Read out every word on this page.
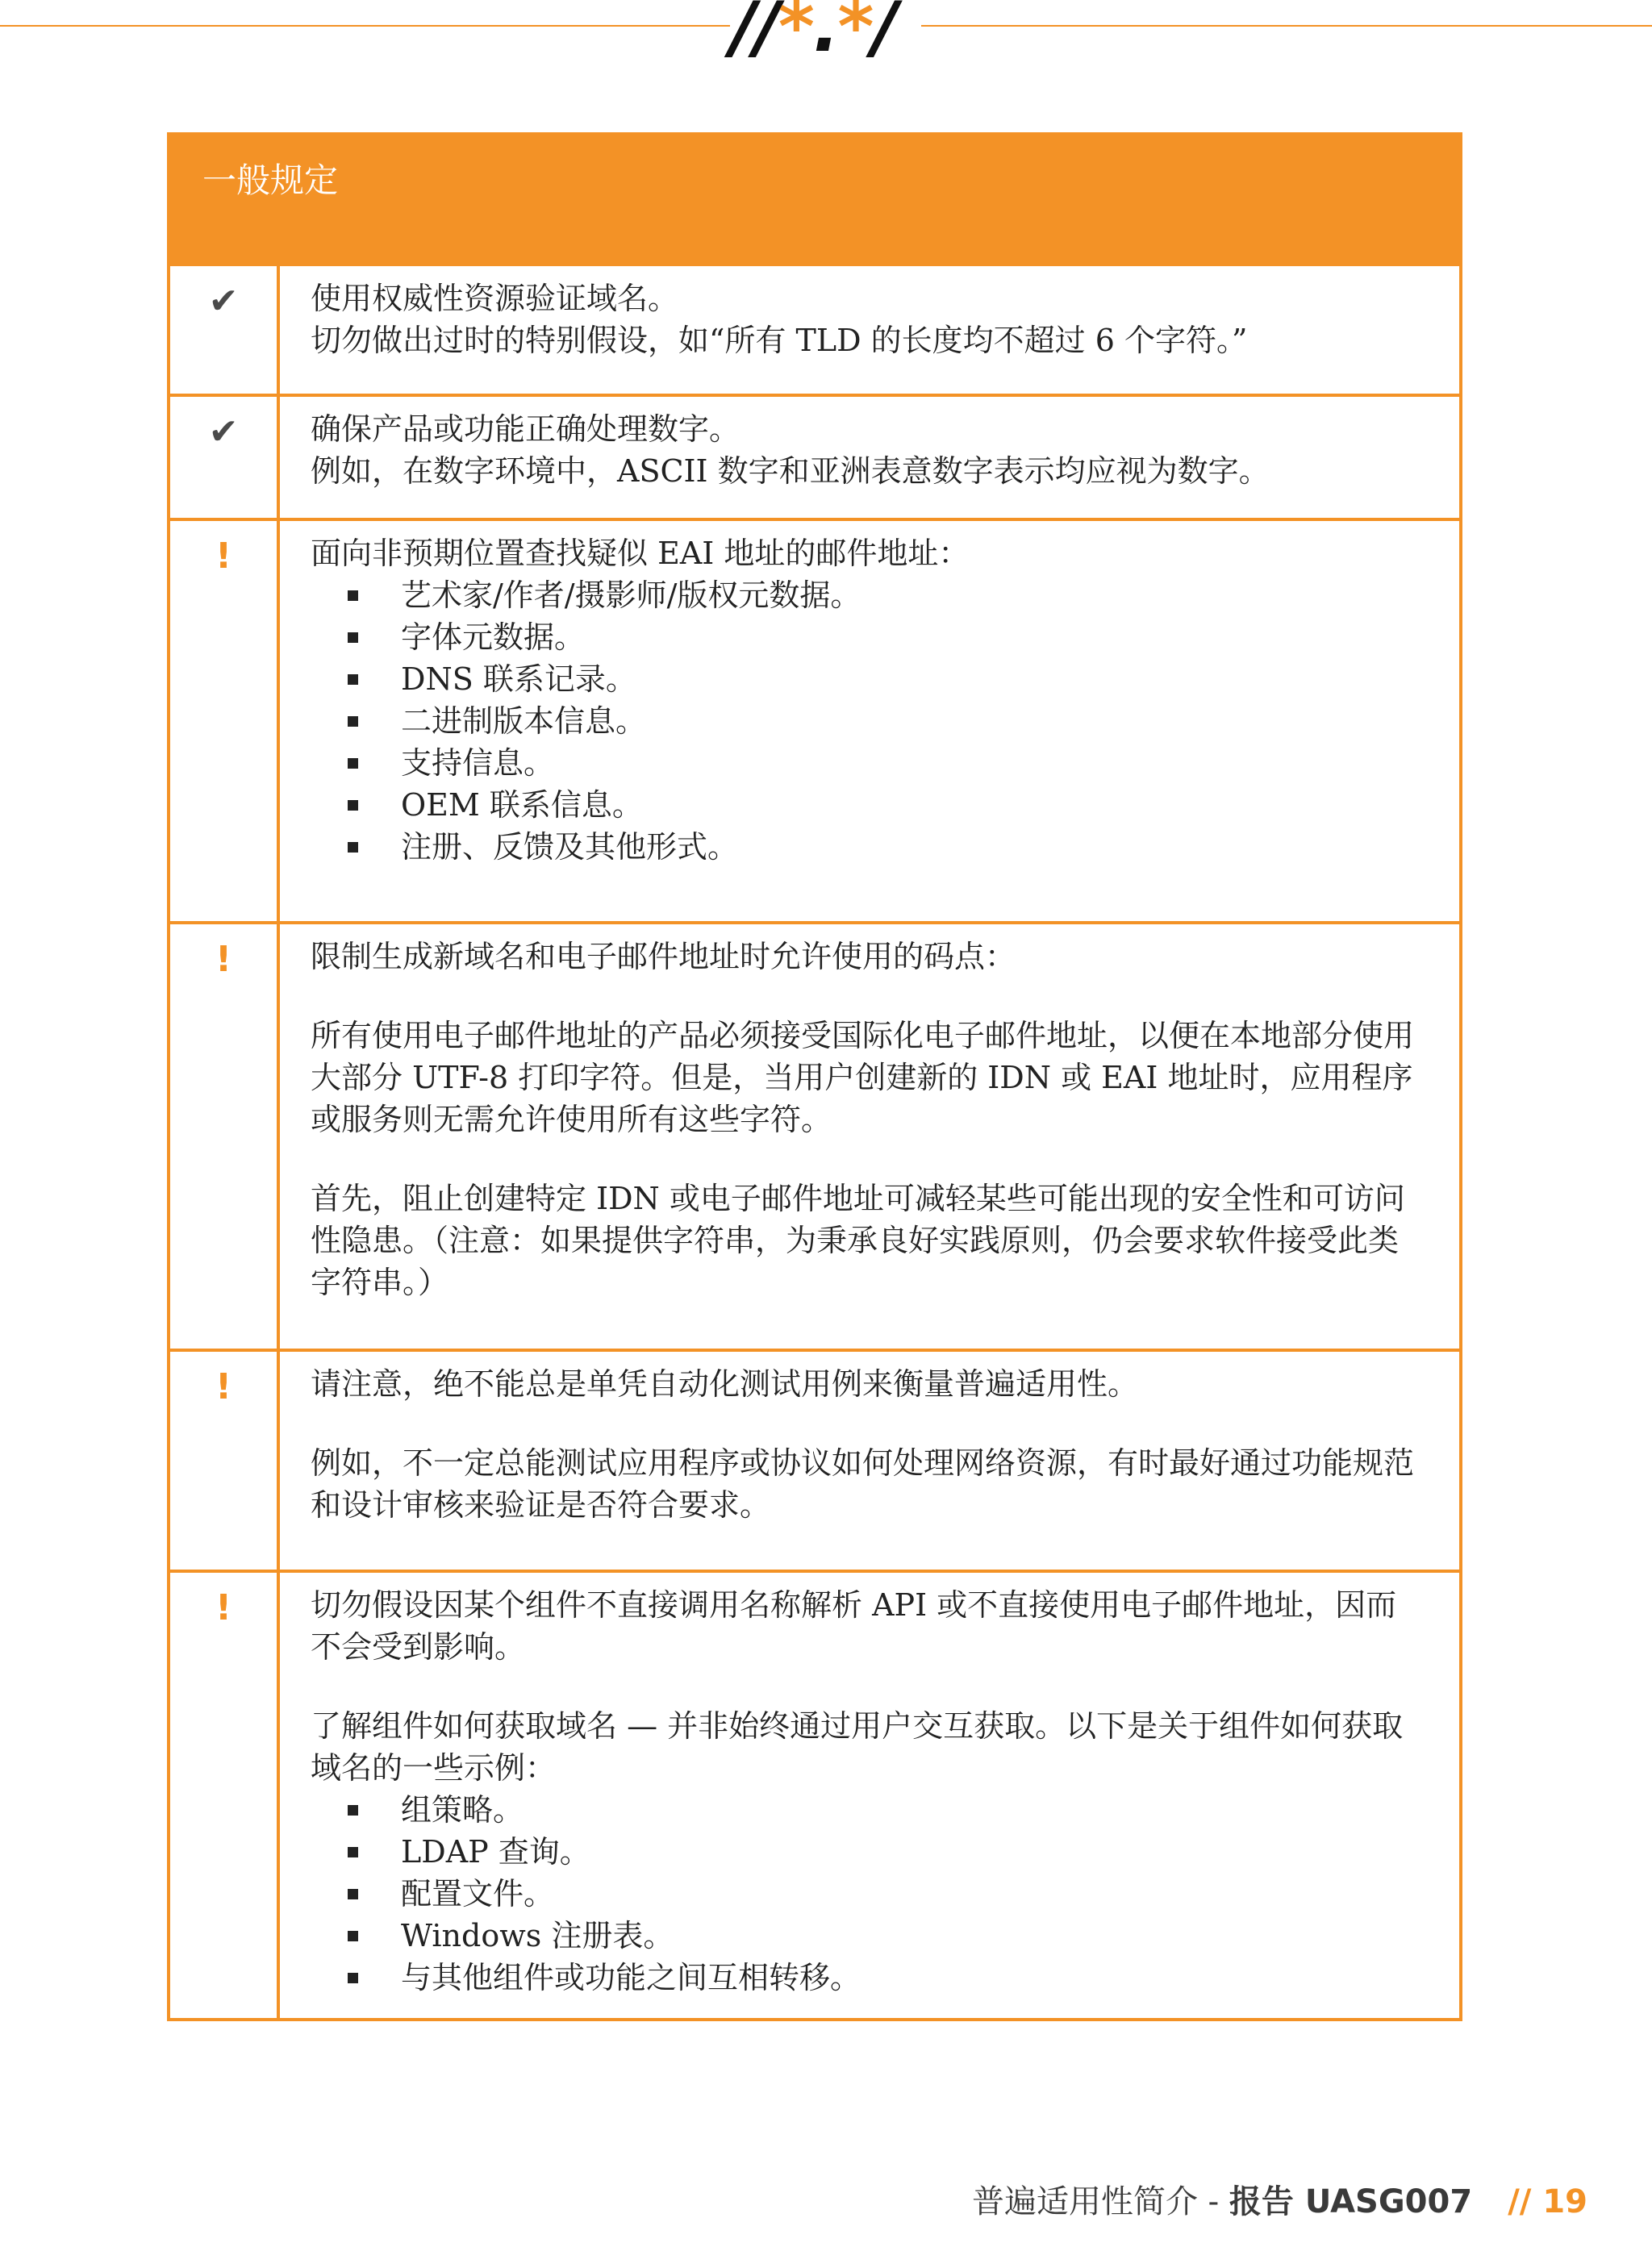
//*.*/
一般规定
✔	使用权威性资源验证域名。
切勿做出过时的特别假设，如“所有 TLD 的长度均不超过 6 个字符。”

✔	确保产品或功能正确处理数字。
例如，在数字环境中，ASCII 数字和亚洲表意数字表示均应视为数字。

!	面向非预期位置查找疑似 EAI 地址的邮件地址：

艺术家/作者/摄影师/版权元数据。
字体元数据。
DNS 联系记录。
二进制版本信息。
支持信息。
OEM 联系信息。
注册、反馈及其他形式。
!	限制生成新域名和电子邮件地址时允许使用的码点：

所有使用电子邮件地址的产品必须接受国际化电子邮件地址，以便在本地部分使用大部分 UTF-8 打印字符。但是，当用户创建新的 IDN 或 EAI 地址时，应用程序或服务则无需允许使用所有这些字符。

首先，阻止创建特定 IDN 或电子邮件地址可减轻某些可能出现的安全性和可访问性隐患。（注意：如果提供字符串，为秉承良好实践原则，仍会要求软件接受此类字符串。）

!	请注意，绝不能总是单凭自动化测试用例来衡量普遍适用性。

例如，不一定总能测试应用程序或协议如何处理网络资源，有时最好通过功能规范和设计审核来验证是否符合要求。

!	切勿假设因某个组件不直接调用名称解析 API 或不直接使用电子邮件地址，因而不会受到影响。

了解组件如何获取域名 — 并非始终通过用户交互获取。以下是关于组件如何获取域名的一些示例：

组策略。
LDAP 查询。
配置文件。
Windows 注册表。
与其他组件或功能之间互相转移。
普遍适用性简介 - 报告 UASG007 // 19
